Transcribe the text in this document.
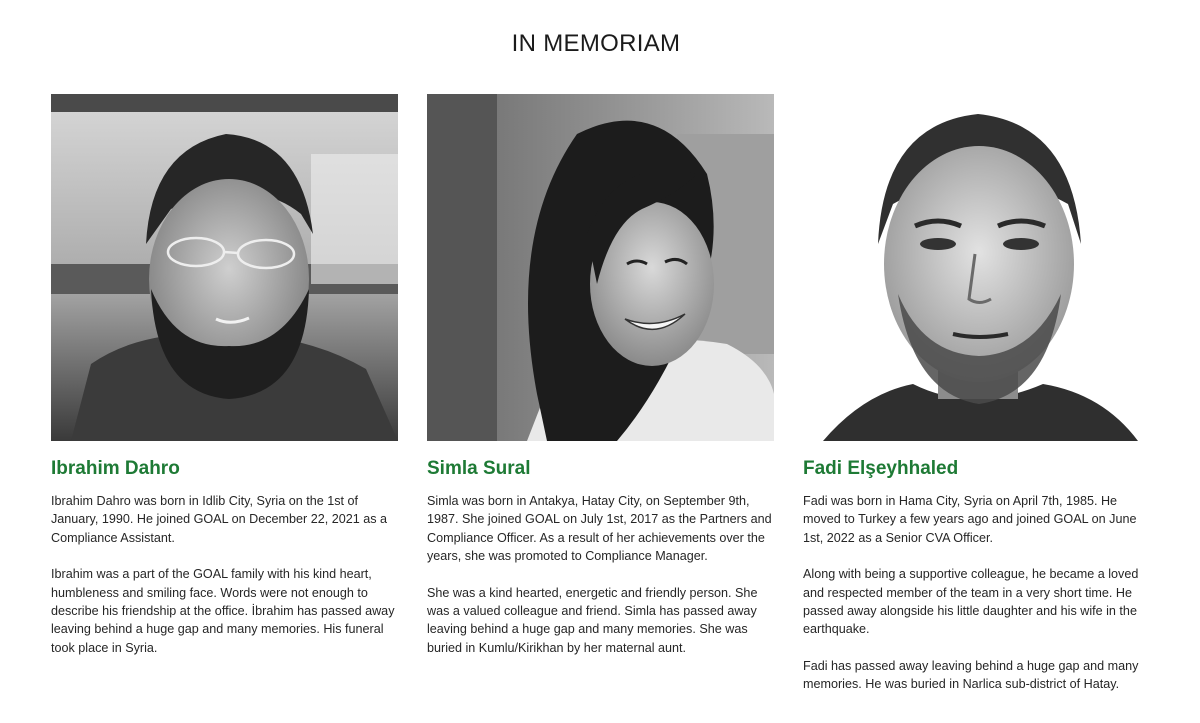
IN MEMORIAM
Ibrahim Dahro

Ibrahim Dahro was born in Idlib City, Syria on the 1st of January, 1990. He joined GOAL on December 22, 2021 as a Compliance Assistant.

Ibrahim was a part of the GOAL family with his kind heart, humbleness and smiling face. Words were not enough to describe his friendship at the office. İbrahim has passed away leaving behind a huge gap and many memories. His funeral took place in Syria.

Simla Sural

Simla was born in Antakya, Hatay City, on September 9th, 1987. She joined GOAL on July 1st, 2017 as the Partners and Compliance Officer. As a result of her achievements over the years, she was promoted to Compliance Manager.

She was a kind hearted, energetic and friendly person. She was a valued colleague and friend. Simla has passed away leaving behind a huge gap and many memories. She was buried in Kumlu/Kirikhan by her maternal aunt.

Fadi Elşeyhhaled

Fadi was born in Hama City, Syria on April 7th, 1985. He moved to Turkey a few years ago and joined GOAL on June 1st, 2022 as a Senior CVA Officer.

Along with being a supportive colleague, he became a loved and respected member of the team in a very short time. He passed away alongside his little daughter and his wife in the earthquake.

Fadi has passed away leaving behind a huge gap and many memories. He was buried in Narlica sub-district of Hatay.
